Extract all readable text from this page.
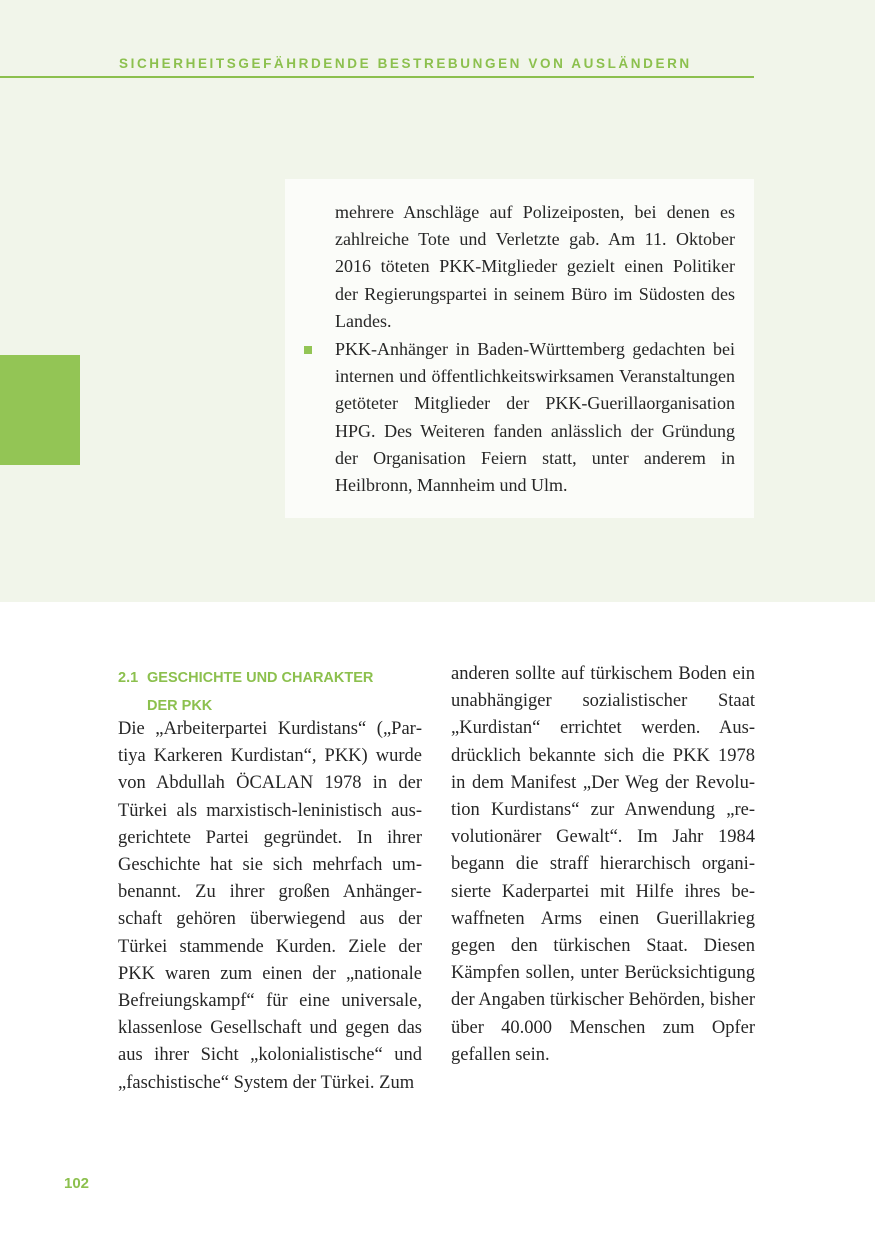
SICHERHEITSGEFÄHRDENDE BESTREBUNGEN VON AUSLÄNDERN
mehrere Anschläge auf Polizeiposten, bei denen es zahlreiche Tote und Verletzte gab. Am 11. Oktober 2016 töteten PKK-Mitglieder gezielt einen Politiker der Regierungspartei in seinem Büro im Südosten des Landes.
PKK-Anhänger in Baden-Württemberg gedachten bei internen und öffentlichkeitswirksamen Veranstaltungen getöteter Mitglieder der PKK-Guerillaorganisation HPG. Des Weiteren fanden anlässlich der Gründung der Organisation Feiern statt, unter anderem in Heilbronn, Mannheim und Ulm.
2.1 GESCHICHTE UND CHARAKTER
DER PKK
Die „Arbeiterpartei Kurdistans“ („Partiya Karkeren Kurdistan“, PKK) wurde von Abdullah ÖCALAN 1978 in der Türkei als marxistisch-leninistisch ausgerichtete Partei gegründet. In ihrer Geschichte hat sie sich mehrfach umbenannt. Zu ihrer großen Anhängerschaft gehören überwiegend aus der Türkei stammende Kurden. Ziele der PKK waren zum einen der „nationale Befreiungskampf“ für eine universale, klassenlose Gesellschaft und gegen das aus ihrer Sicht „kolonialistische“ und „faschistische“ System der Türkei. Zum
anderen sollte auf türkischem Boden ein unabhängiger sozialistischer Staat „Kurdistan“ errichtet werden. Ausdrücklich bekannte sich die PKK 1978 in dem Manifest „Der Weg der Revolution Kurdistans“ zur Anwendung „revolutionärer Gewalt“. Im Jahr 1984 begann die straff hierarchisch organisierte Kaderpartei mit Hilfe ihres bewaffneten Arms einen Guerillakrieg gegen den türkischen Staat. Diesen Kämpfen sollen, unter Berücksichtigung der Angaben türkischer Behörden, bisher über 40.000 Menschen zum Opfer gefallen sein.
102
